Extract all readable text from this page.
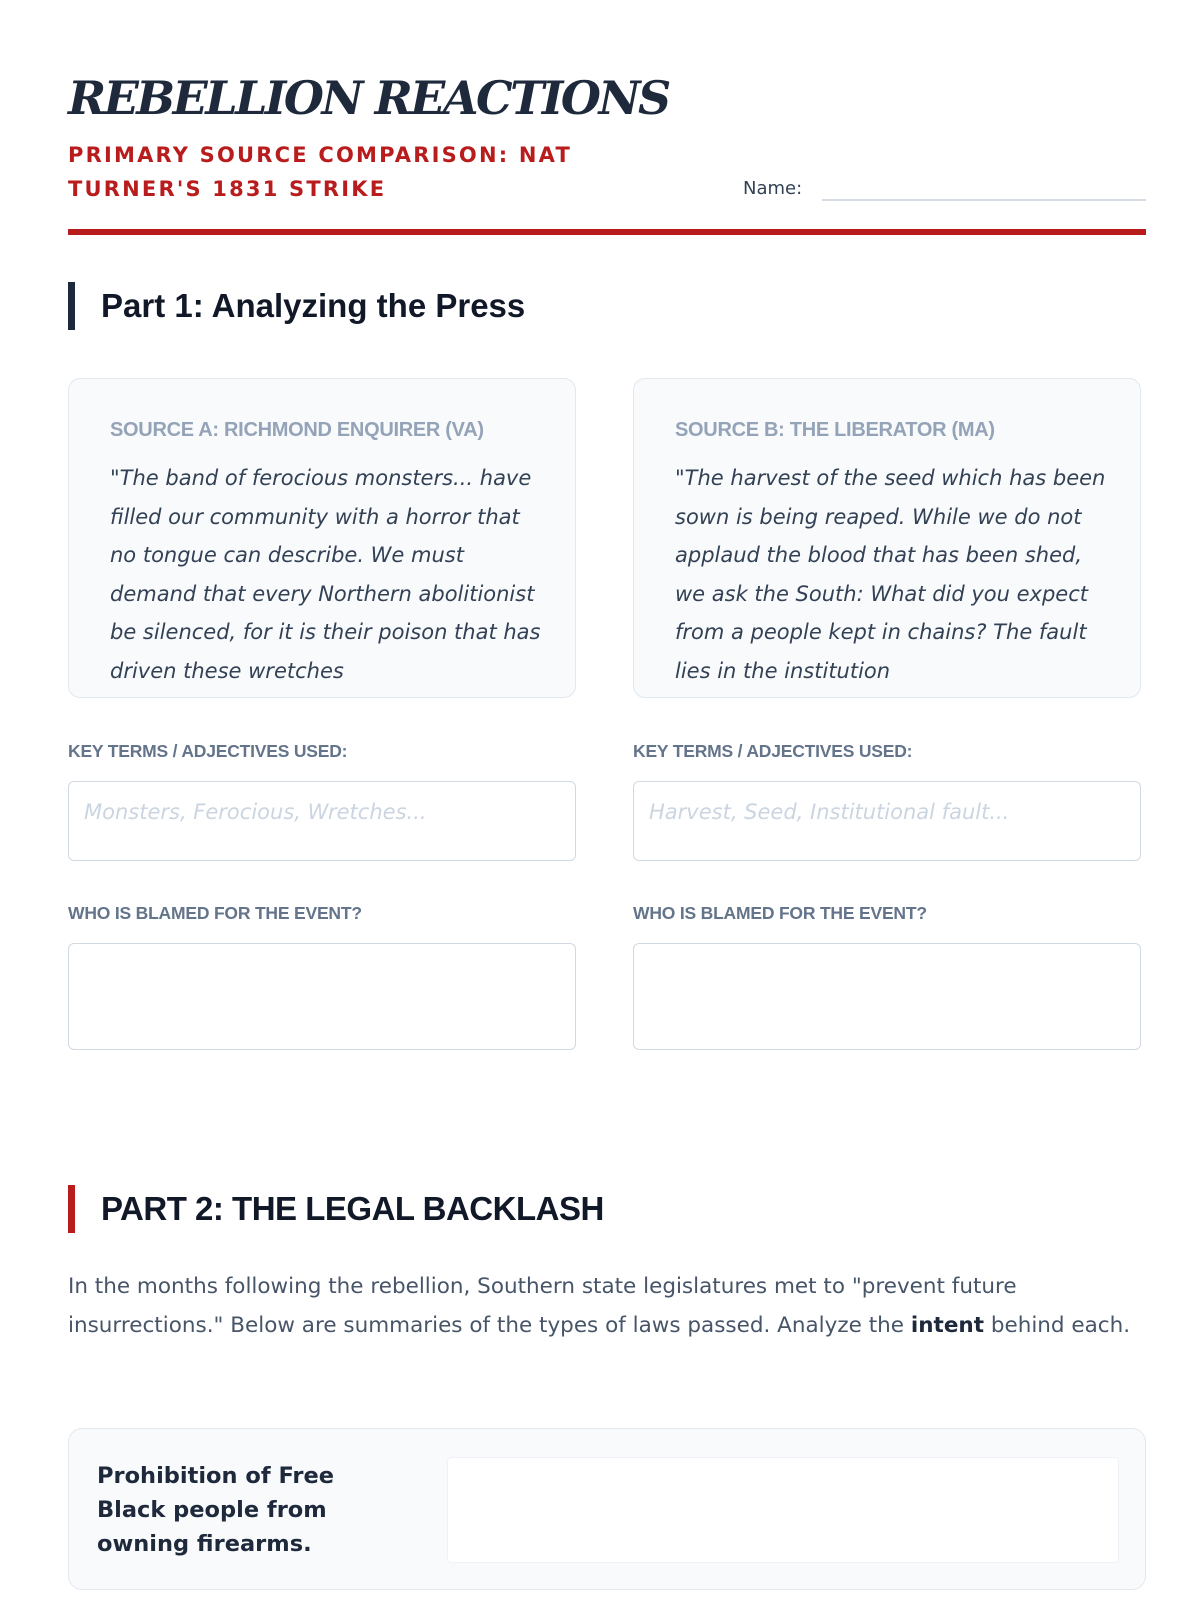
REBELLION REACTIONS

PRIMARY SOURCE COMPARISON: NAT TURNER'S 1831 STRIKE	Name:
Part 1: Analyzing the Press
SOURCE A: RICHMOND ENQUIRER (VA)

"The band of ferocious monsters... have filled our community with a horror that no tongue can describe. We must demand that every Northern abolitionist be silenced, for it is their poison that has driven these wretches

SOURCE B: THE LIBERATOR (MA)

"The harvest of the seed which has been sown is being reaped. While we do not applaud the blood that has been shed, we ask the South: What did you expect from a people kept in chains? The fault lies in the institution

KEY TERMS / ADJECTIVES USED:
Monsters, Ferocious, Wretches...
KEY TERMS / ADJECTIVES USED:
Harvest, Seed, Institutional fault...
WHO IS BLAMED FOR THE EVENT?	WHO IS BLAMED FOR THE EVENT?
PART 2: THE LEGAL BACKLASH

In the months following the rebellion, Southern state legislatures met to "prevent future insurrections." Below are summaries of the types of laws passed. Analyze the intent behind each.

Prohibition of Free Black people from owning firearms.
